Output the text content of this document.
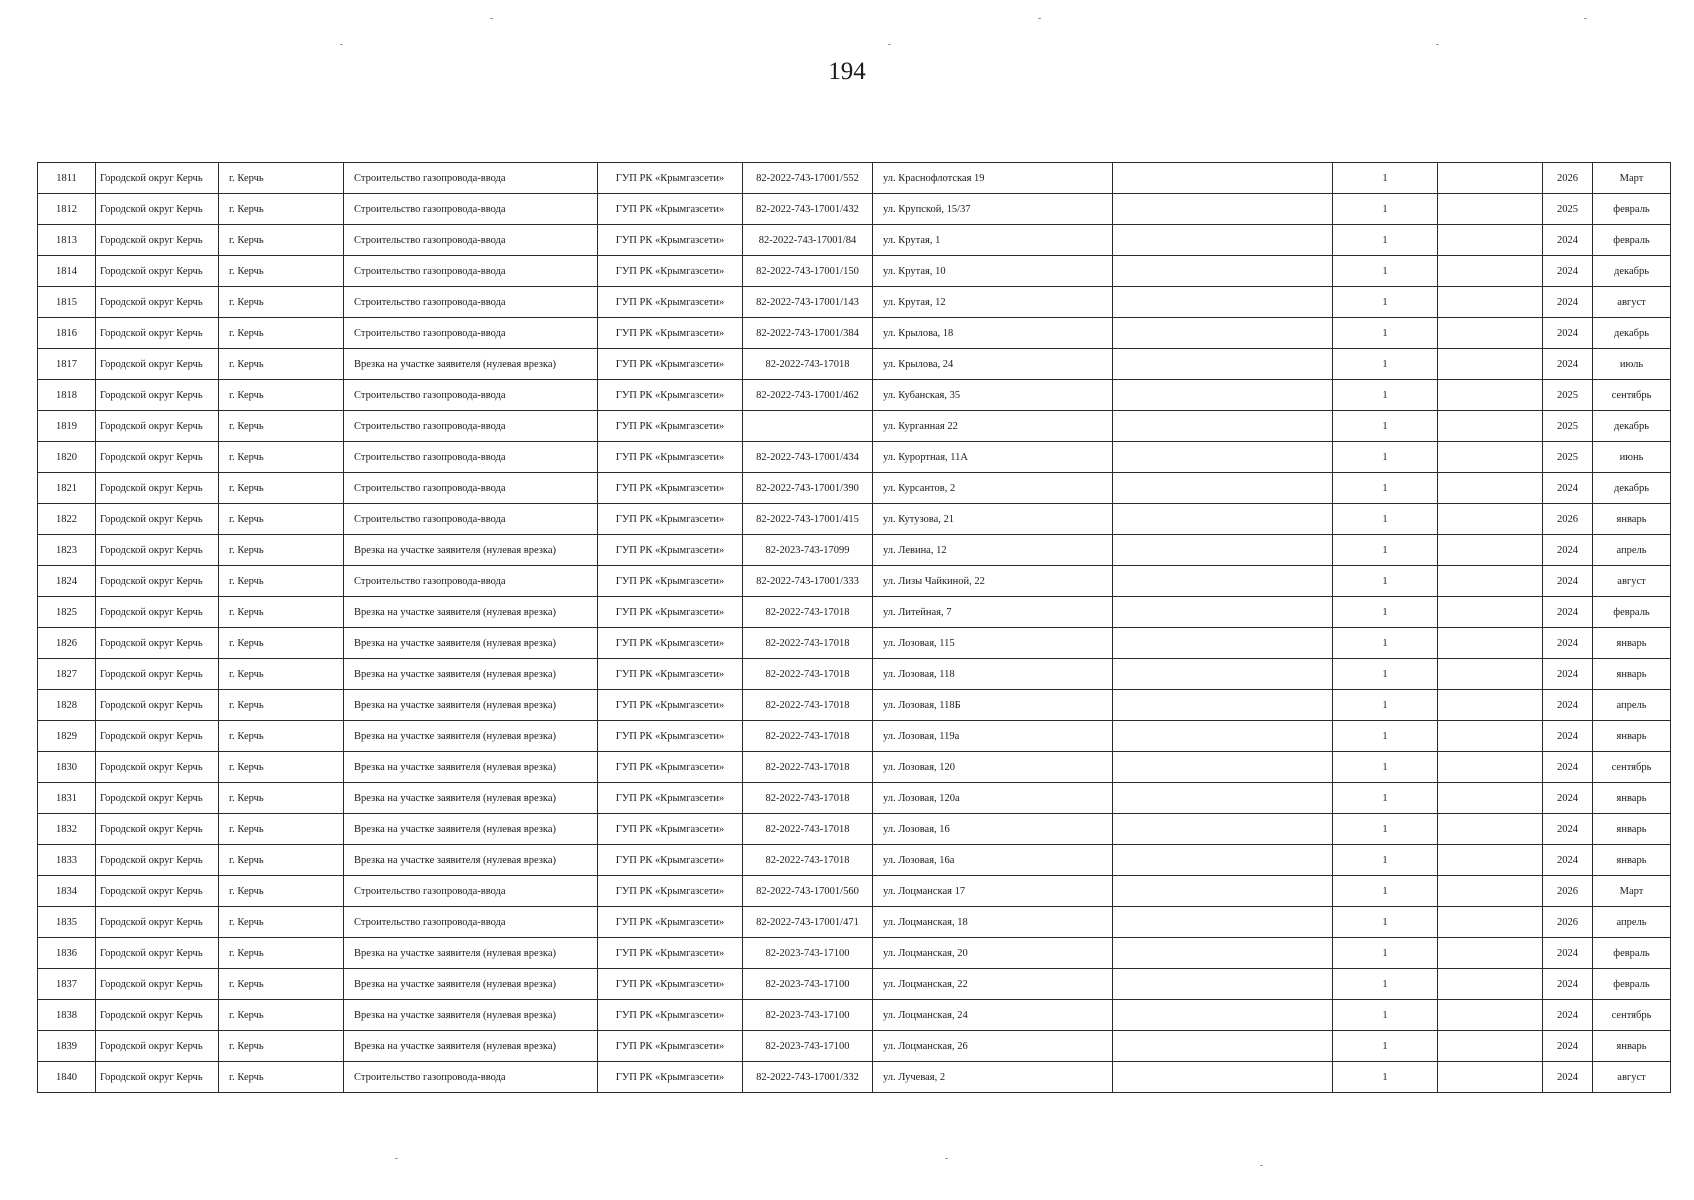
194
1811	Городской округ Керчь	г. Керчь	Строительство газопровода-ввода	ГУП РК «Крымгазсети»	82-2022-743-17001/552	ул. Краснофлотская 19		1		2026	Март
1812	Городской округ Керчь	г. Керчь	Строительство газопровода-ввода	ГУП РК «Крымгазсети»	82-2022-743-17001/432	ул. Крупской, 15/37		1		2025	февраль
1813	Городской округ Керчь	г. Керчь	Строительство газопровода-ввода	ГУП РК «Крымгазсети»	82-2022-743-17001/84	ул. Крутая, 1		1		2024	февраль
1814	Городской округ Керчь	г. Керчь	Строительство газопровода-ввода	ГУП РК «Крымгазсети»	82-2022-743-17001/150	ул. Крутая, 10		1		2024	декабрь
1815	Городской округ Керчь	г. Керчь	Строительство газопровода-ввода	ГУП РК «Крымгазсети»	82-2022-743-17001/143	ул. Крутая, 12		1		2024	август
1816	Городской округ Керчь	г. Керчь	Строительство газопровода-ввода	ГУП РК «Крымгазсети»	82-2022-743-17001/384	ул. Крылова, 18		1		2024	декабрь
1817	Городской округ Керчь	г. Керчь	Врезка на участке заявителя (нулевая врезка)	ГУП РК «Крымгазсети»	82-2022-743-17018	ул. Крылова, 24		1		2024	июль
1818	Городской округ Керчь	г. Керчь	Строительство газопровода-ввода	ГУП РК «Крымгазсети»	82-2022-743-17001/462	ул. Кубанская, 35		1		2025	сентябрь
1819	Городской округ Керчь	г. Керчь	Строительство газопровода-ввода	ГУП РК «Крымгазсети»		ул. Курганная 22		1		2025	декабрь
1820	Городской округ Керчь	г. Керчь	Строительство газопровода-ввода	ГУП РК «Крымгазсети»	82-2022-743-17001/434	ул. Курортная, 11А		1		2025	июнь
1821	Городской округ Керчь	г. Керчь	Строительство газопровода-ввода	ГУП РК «Крымгазсети»	82-2022-743-17001/390	ул. Курсантов, 2		1		2024	декабрь
1822	Городской округ Керчь	г. Керчь	Строительство газопровода-ввода	ГУП РК «Крымгазсети»	82-2022-743-17001/415	ул. Кутузова, 21		1		2026	январь
1823	Городской округ Керчь	г. Керчь	Врезка на участке заявителя (нулевая врезка)	ГУП РК «Крымгазсети»	82-2023-743-17099	ул. Левина, 12		1		2024	апрель
1824	Городской округ Керчь	г. Керчь	Строительство газопровода-ввода	ГУП РК «Крымгазсети»	82-2022-743-17001/333	ул. Лизы Чайкиной, 22		1		2024	август
1825	Городской округ Керчь	г. Керчь	Врезка на участке заявителя (нулевая врезка)	ГУП РК «Крымгазсети»	82-2022-743-17018	ул. Литейная, 7		1		2024	февраль
1826	Городской округ Керчь	г. Керчь	Врезка на участке заявителя (нулевая врезка)	ГУП РК «Крымгазсети»	82-2022-743-17018	ул. Лозовая, 115		1		2024	январь
1827	Городской округ Керчь	г. Керчь	Врезка на участке заявителя (нулевая врезка)	ГУП РК «Крымгазсети»	82-2022-743-17018	ул. Лозовая, 118		1		2024	январь
1828	Городской округ Керчь	г. Керчь	Врезка на участке заявителя (нулевая врезка)	ГУП РК «Крымгазсети»	82-2022-743-17018	ул. Лозовая, 118Б		1		2024	апрель
1829	Городской округ Керчь	г. Керчь	Врезка на участке заявителя (нулевая врезка)	ГУП РК «Крымгазсети»	82-2022-743-17018	ул. Лозовая, 119а		1		2024	январь
1830	Городской округ Керчь	г. Керчь	Врезка на участке заявителя (нулевая врезка)	ГУП РК «Крымгазсети»	82-2022-743-17018	ул. Лозовая, 120		1		2024	сентябрь
1831	Городской округ Керчь	г. Керчь	Врезка на участке заявителя (нулевая врезка)	ГУП РК «Крымгазсети»	82-2022-743-17018	ул. Лозовая, 120а		1		2024	январь
1832	Городской округ Керчь	г. Керчь	Врезка на участке заявителя (нулевая врезка)	ГУП РК «Крымгазсети»	82-2022-743-17018	ул. Лозовая, 16		1		2024	январь
1833	Городской округ Керчь	г. Керчь	Врезка на участке заявителя (нулевая врезка)	ГУП РК «Крымгазсети»	82-2022-743-17018	ул. Лозовая, 16а		1		2024	январь
1834	Городской округ Керчь	г. Керчь	Строительство газопровода-ввода	ГУП РК «Крымгазсети»	82-2022-743-17001/560	ул. Лоцманская 17		1		2026	Март
1835	Городской округ Керчь	г. Керчь	Строительство газопровода-ввода	ГУП РК «Крымгазсети»	82-2022-743-17001/471	ул. Лоцманская, 18		1		2026	апрель
1836	Городской округ Керчь	г. Керчь	Врезка на участке заявителя (нулевая врезка)	ГУП РК «Крымгазсети»	82-2023-743-17100	ул. Лоцманская, 20		1		2024	февраль
1837	Городской округ Керчь	г. Керчь	Врезка на участке заявителя (нулевая врезка)	ГУП РК «Крымгазсети»	82-2023-743-17100	ул. Лоцманская, 22		1		2024	февраль
1838	Городской округ Керчь	г. Керчь	Врезка на участке заявителя (нулевая врезка)	ГУП РК «Крымгазсети»	82-2023-743-17100	ул. Лоцманская, 24		1		2024	сентябрь
1839	Городской округ Керчь	г. Керчь	Врезка на участке заявителя (нулевая врезка)	ГУП РК «Крымгазсети»	82-2023-743-17100	ул. Лоцманская, 26		1		2024	январь
1840	Городской округ Керчь	г. Керчь	Строительство газопровода-ввода	ГУП РК «Крымгазсети»	82-2022-743-17001/332	ул. Лучевая, 2		1		2024	август
